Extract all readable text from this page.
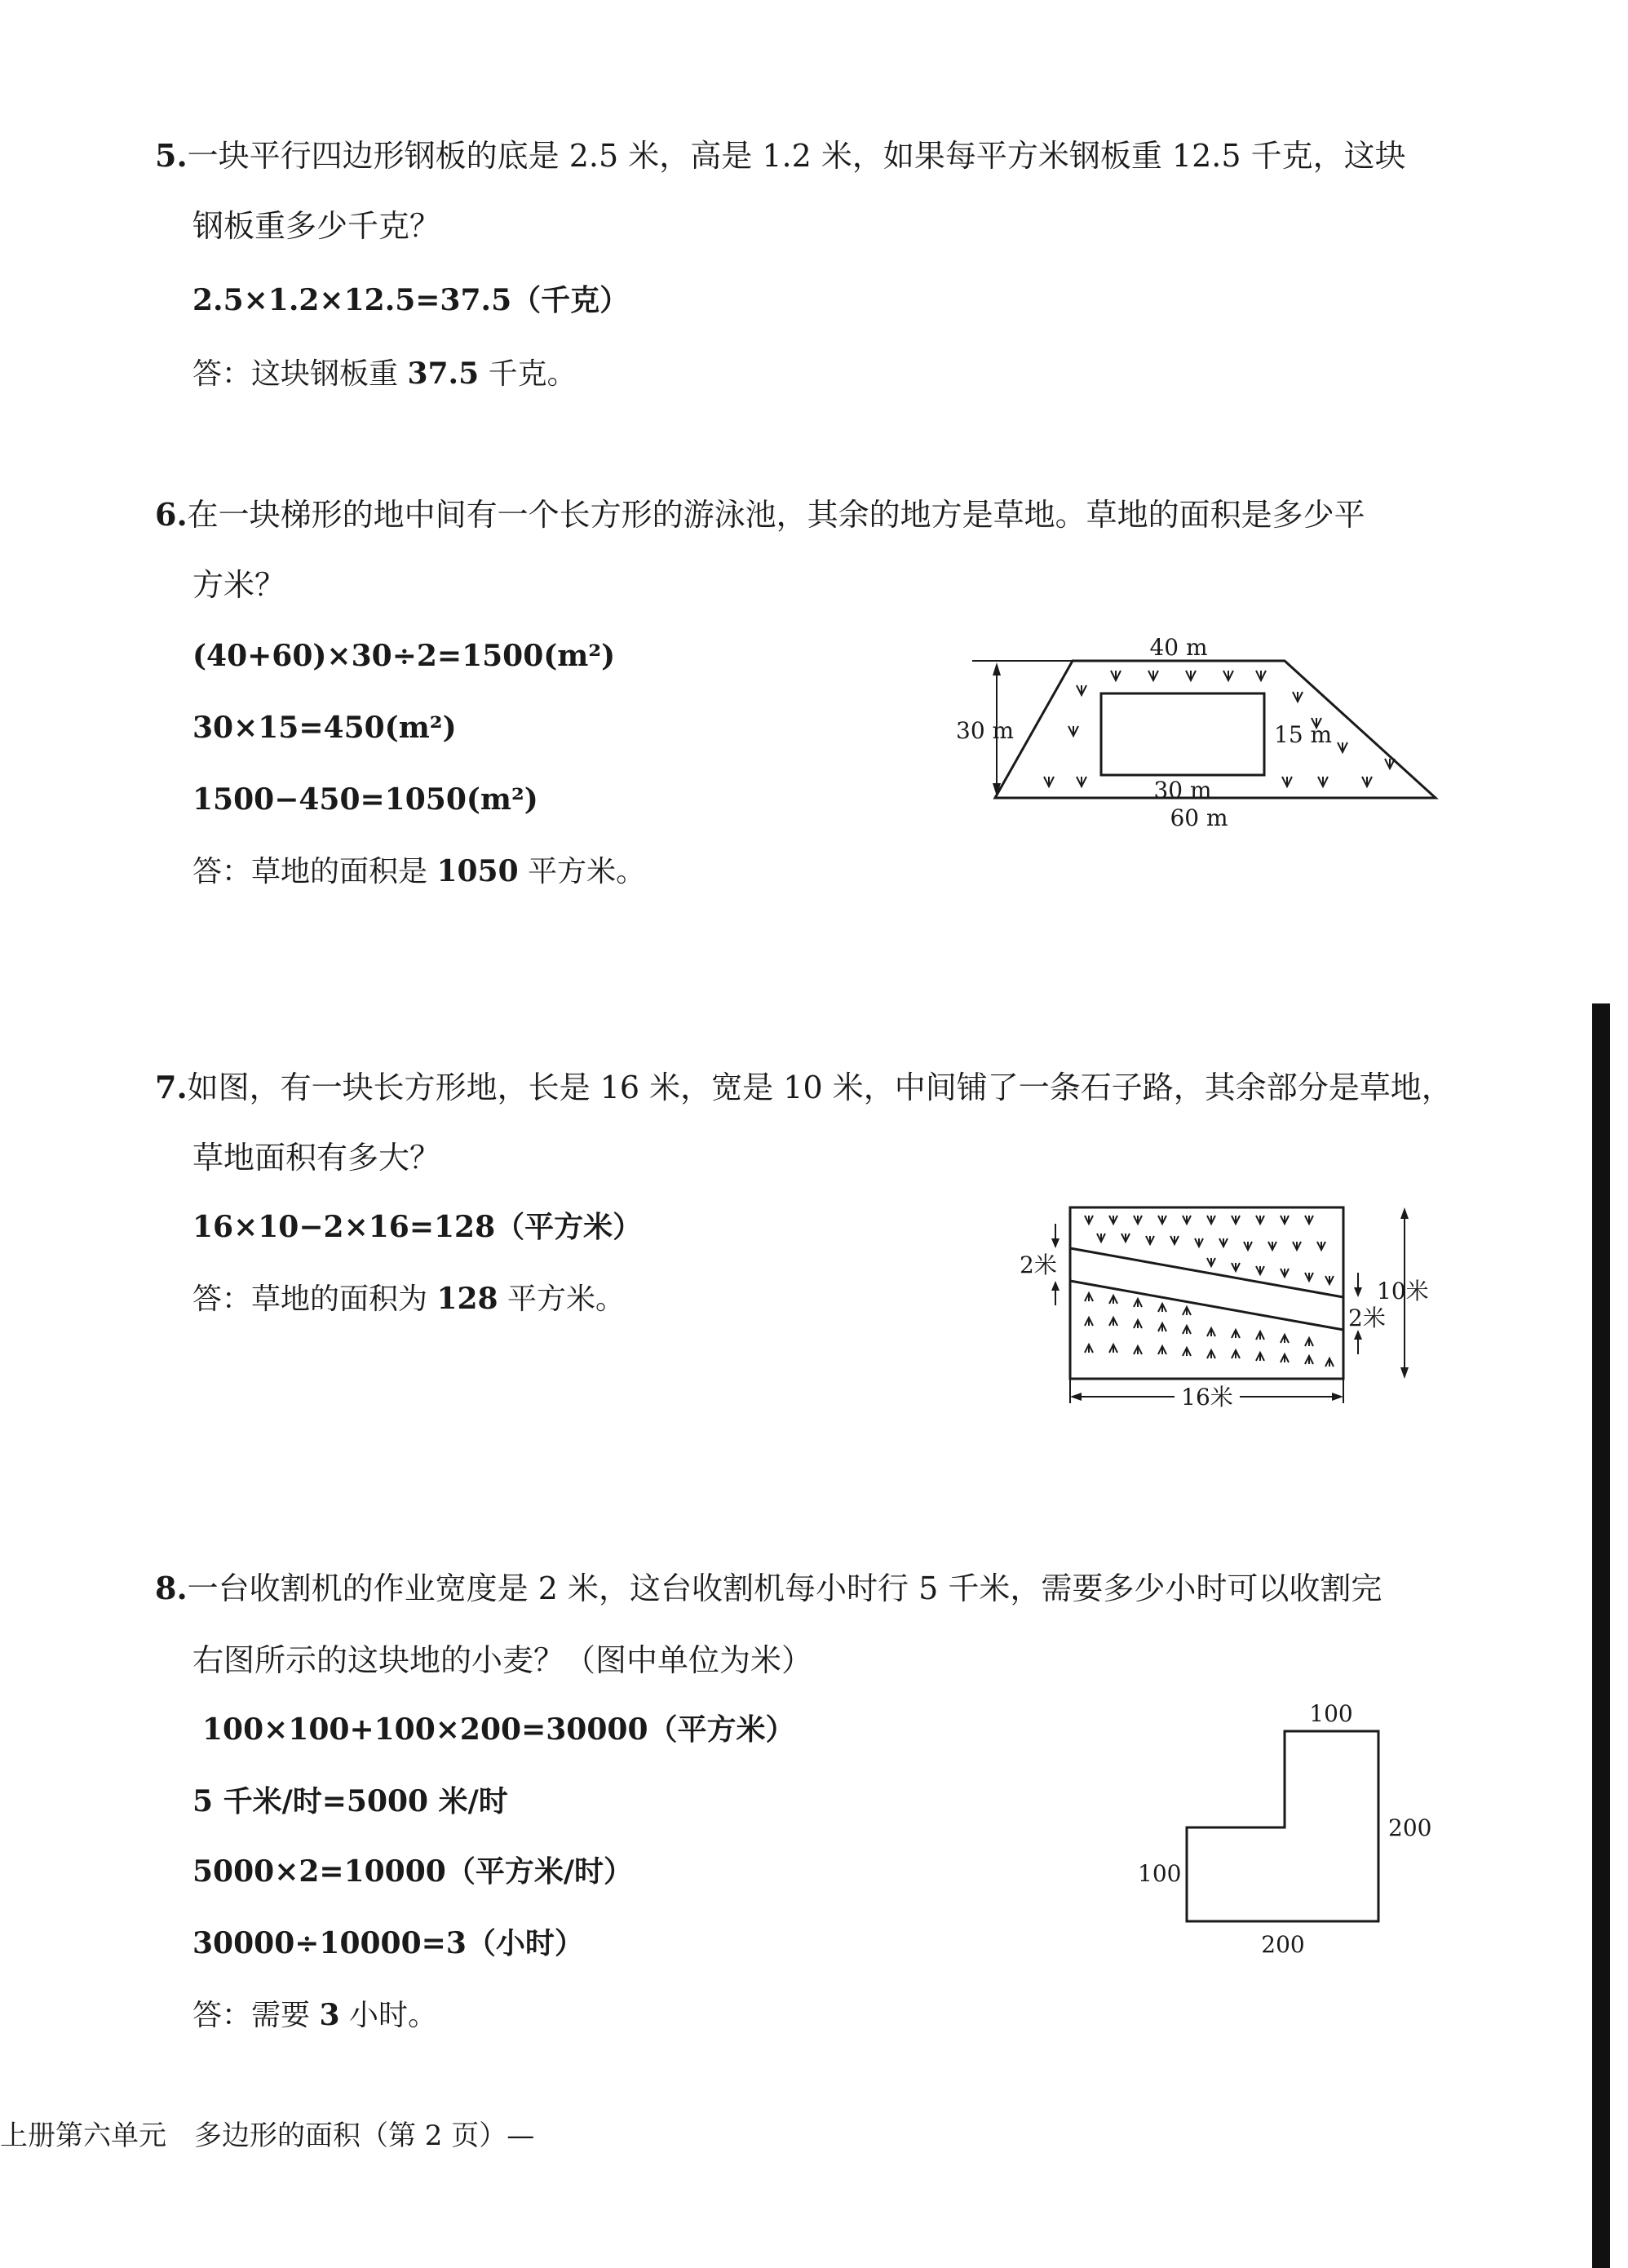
5.一块平行四边形钢板的底是 2.5 米，高是 1.2 米，如果每平方米钢板重 12.5 千克，这块
钢板重多少千克？
2.5×1.2×12.5=37.5（千克）
答：这块钢板重 37.5 千克。
6.在一块梯形的地中间有一个长方形的游泳池，其余的地方是草地。草地的面积是多少平
方米？
(40+60)×30÷2=1500(m²)
30×15=450(m²)
1500−450=1050(m²)
答：草地的面积是 1050 平方米。
40 m
30 m	15 m
30 m
60 m
7.如图，有一块长方形地，长是 16 米，宽是 10 米，中间铺了一条石子路，其余部分是草地，
草地面积有多大？
16×10−2×16=128（平方米）
答：草地的面积为 128 平方米。
2米
2米
10米
16米
8.一台收割机的作业宽度是 2 米，这台收割机每小时行 5 千米，需要多少小时可以收割完
右图所示的这块地的小麦？（图中单位为米）
100×100+100×200=30000（平方米）
5 千米/时=5000 米/时
5000×2=10000（平方米/时）
30000÷10000=3（小时）
答：需要 3 小时。
100
200
100
200
上册第六单元　多边形的面积（第 2 页）—
